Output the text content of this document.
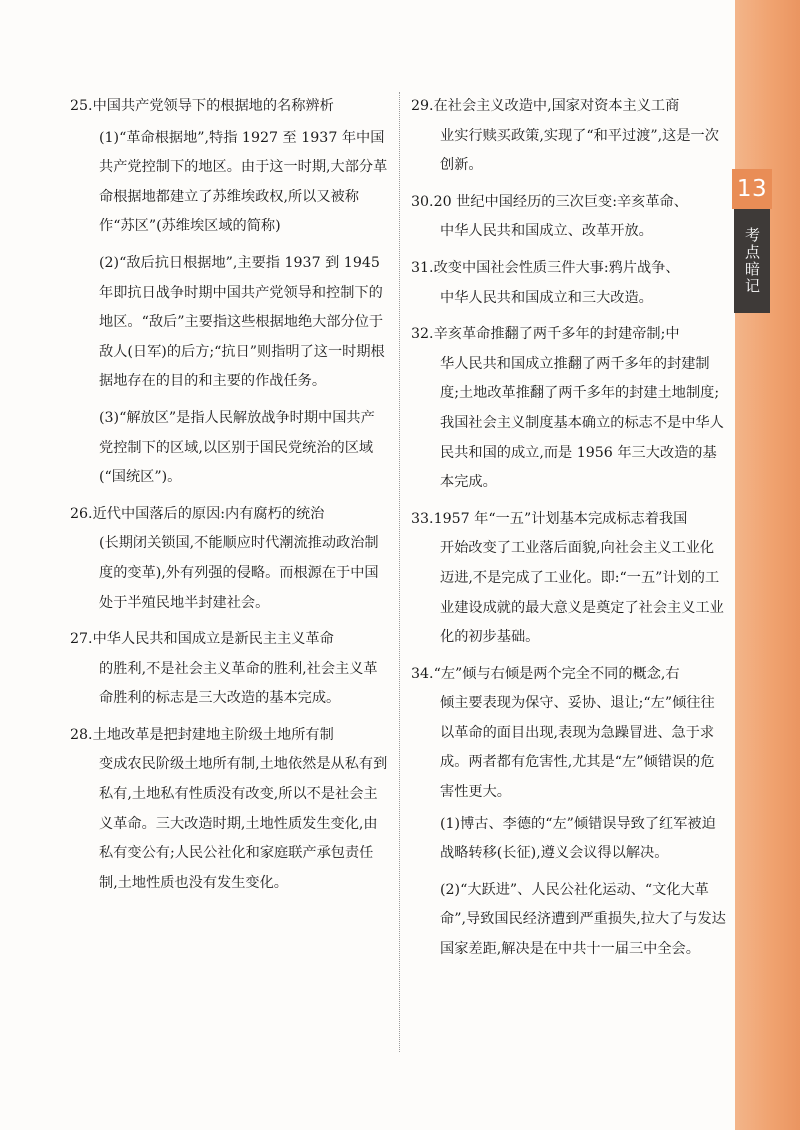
13
考点暗记
25.中国共产党领导下的根据地的名称辨析
(1)“革命根据地”,特指 1927 至 1937 年中国共产党控制下的地区。由于这一时期,大部分革命根据地都建立了苏维埃政权,所以又被称作“苏区”(苏维埃区域的简称)
(2)“敌后抗日根据地”,主要指 1937 到 1945 年即抗日战争时期中国共产党领导和控制下的地区。“敌后”主要指这些根据地绝大部分位于敌人(日军)的后方;“抗日”则指明了这一时期根据地存在的目的和主要的作战任务。
(3)“解放区”是指人民解放战争时期中国共产党控制下的区域,以区别于国民党统治的区域(“国统区”)。
26.近代中国落后的原因:内有腐朽的统治
(长期闭关锁国,不能顺应时代潮流推动政治制度的变革),外有列强的侵略。而根源在于中国处于半殖民地半封建社会。
27.中华人民共和国成立是新民主主义革命
的胜利,不是社会主义革命的胜利,社会主义革命胜利的标志是三大改造的基本完成。
28.土地改革是把封建地主阶级土地所有制
变成农民阶级土地所有制,土地依然是从私有到私有,土地私有性质没有改变,所以不是社会主义革命。三大改造时期,土地性质发生变化,由私有变公有;人民公社化和家庭联产承包责任制,土地性质也没有发生变化。
29.在社会主义改造中,国家对资本主义工商
业实行赎买政策,实现了“和平过渡”,这是一次创新。
30.20 世纪中国经历的三次巨变:辛亥革命、
中华人民共和国成立、改革开放。
31.改变中国社会性质三件大事:鸦片战争、
中华人民共和国成立和三大改造。
32.辛亥革命推翻了两千多年的封建帝制;中
华人民共和国成立推翻了两千多年的封建制度;土地改革推翻了两千多年的封建土地制度;我国社会主义制度基本确立的标志不是中华人民共和国的成立,而是 1956 年三大改造的基本完成。
33.1957 年“一五”计划基本完成标志着我国
开始改变了工业落后面貌,向社会主义工业化迈进,不是完成了工业化。即:“一五”计划的工业建设成就的最大意义是奠定了社会主义工业化的初步基础。
34.“左”倾与右倾是两个完全不同的概念,右
倾主要表现为保守、妥协、退让;“左”倾往往以革命的面目出现,表现为急躁冒进、急于求成。两者都有危害性,尤其是“左”倾错误的危害性更大。
(1)博古、李德的“左”倾错误导致了红军被迫战略转移(长征),遵义会议得以解决。
(2)“大跃进”、人民公社化运动、“文化大革命”,导致国民经济遭到严重损失,拉大了与发达国家差距,解决是在中共十一届三中全会。
